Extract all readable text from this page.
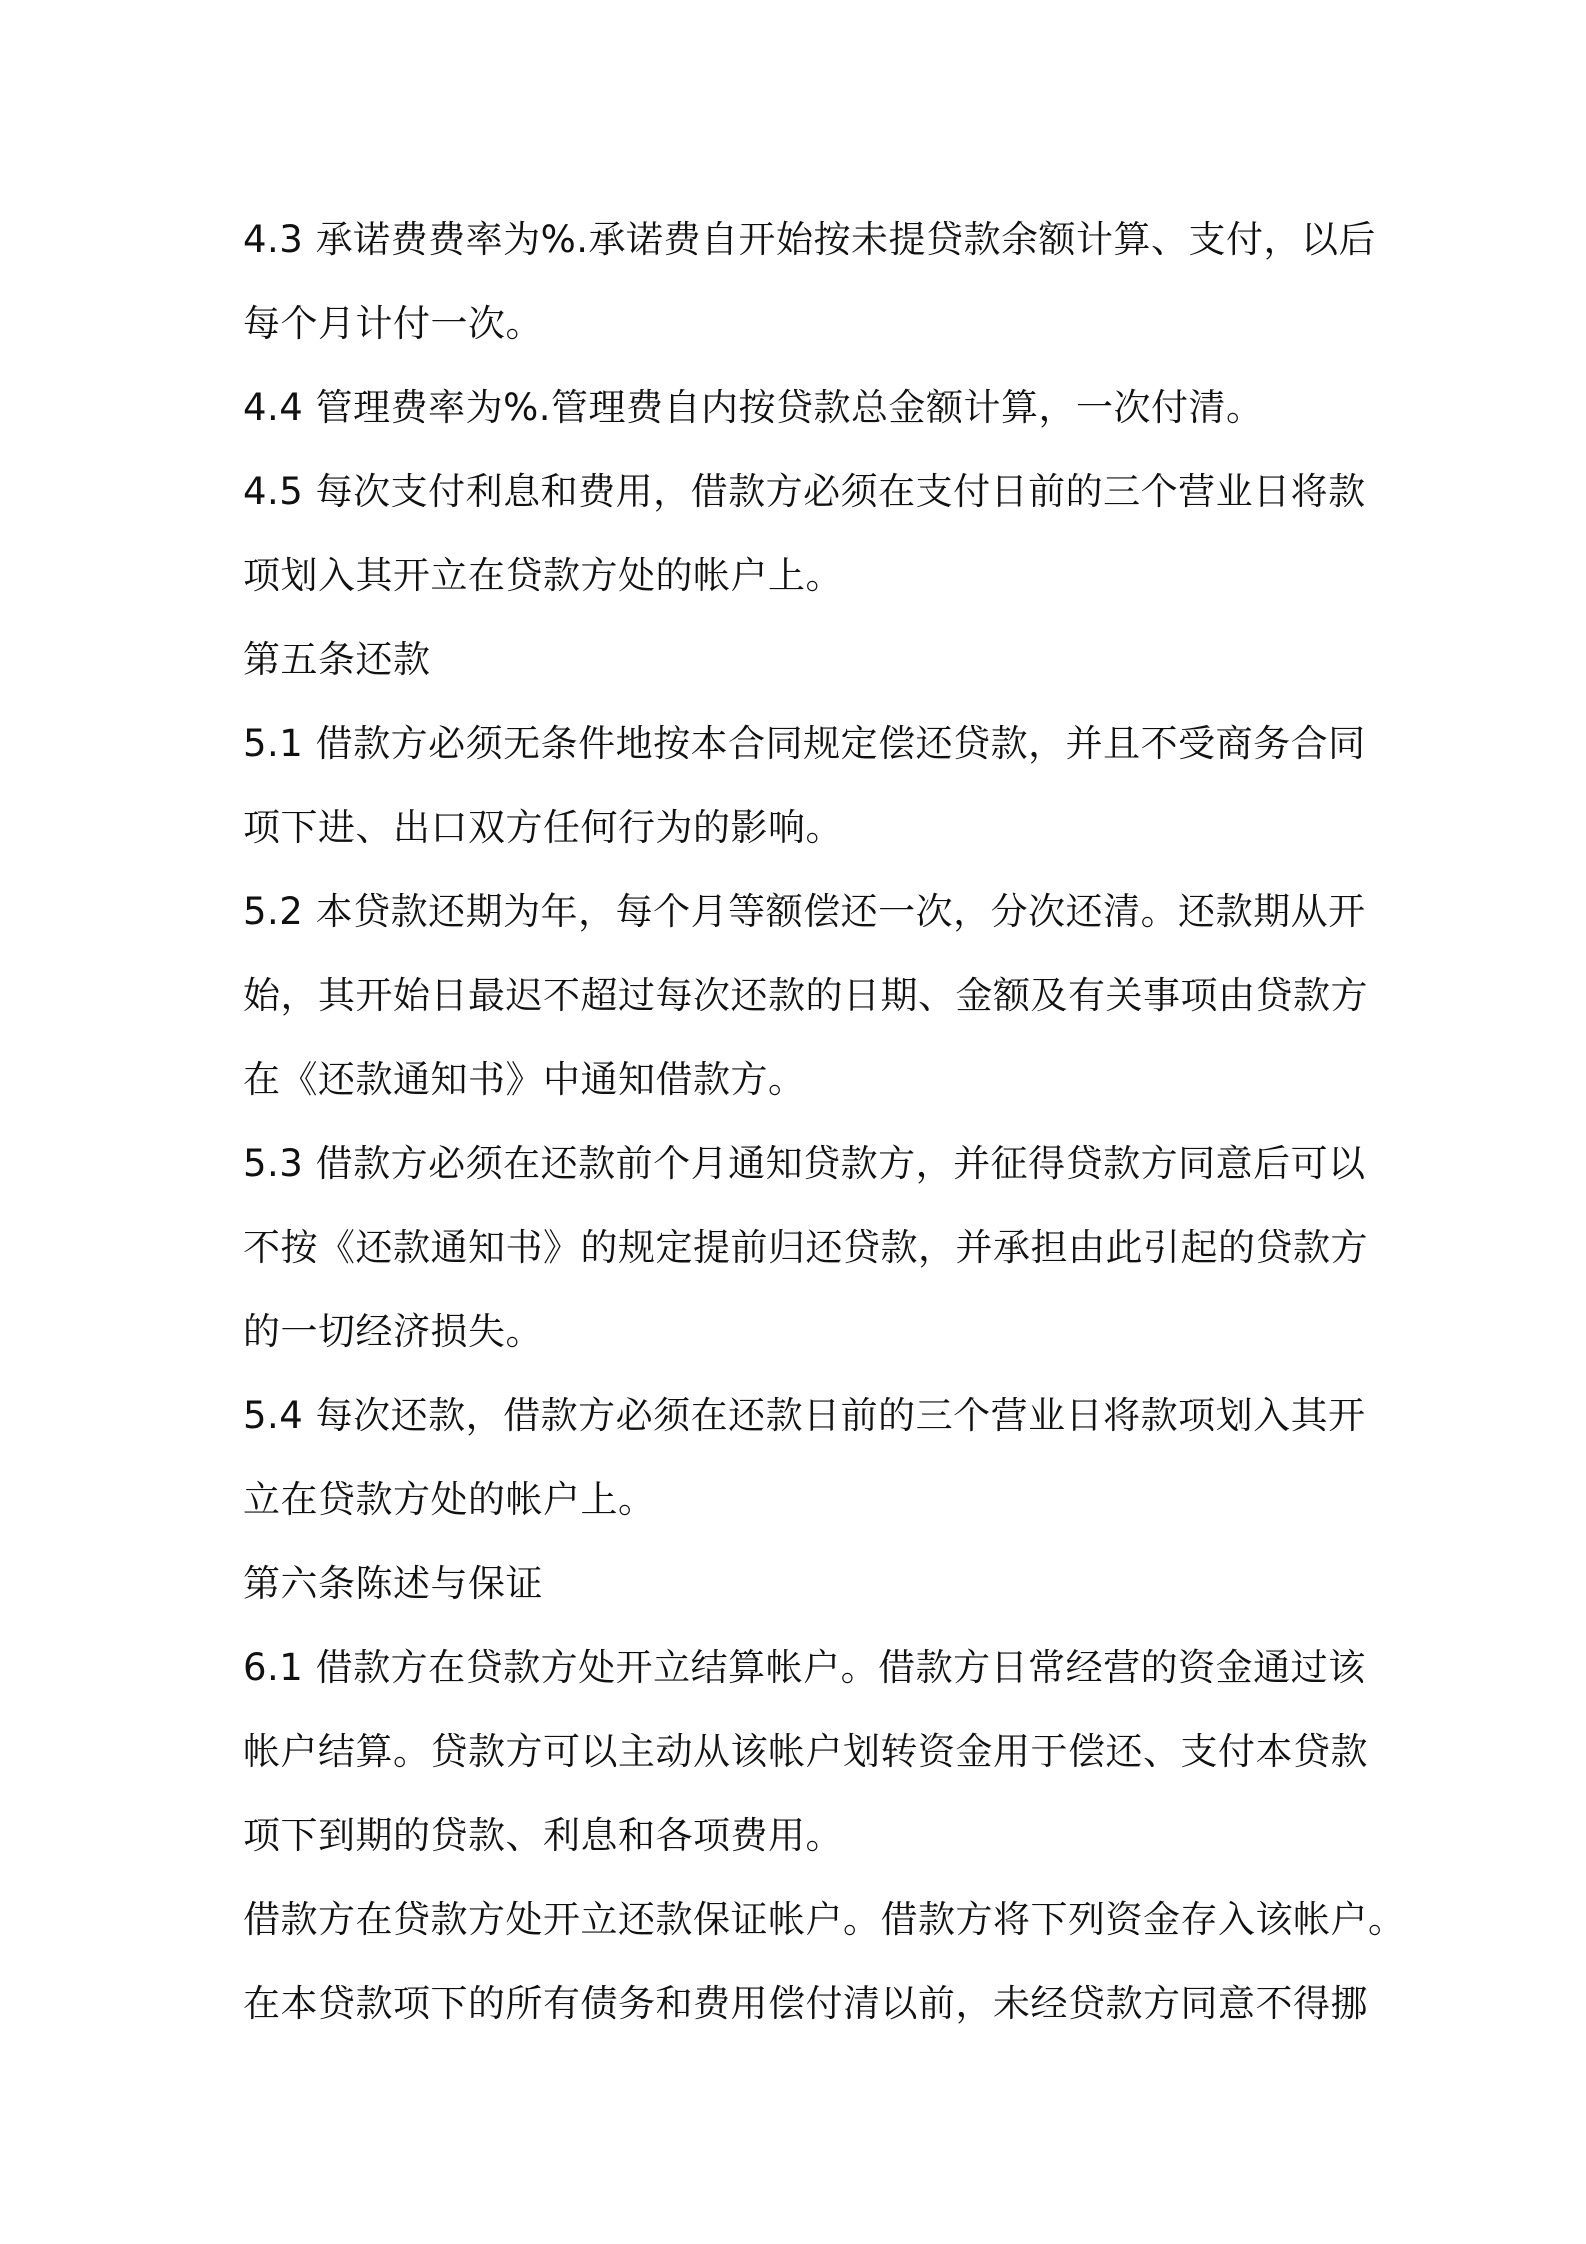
4.3 承诺费费率为%.承诺费自开始按未提贷款余额计算、支付，以后
每个月计付一次。
4.4 管理费率为%.管理费自内按贷款总金额计算，一次付清。
4.5 每次支付利息和费用，借款方必须在支付日前的三个营业日将款
项划入其开立在贷款方处的帐户上。
第五条还款
5.1 借款方必须无条件地按本合同规定偿还贷款，并且不受商务合同
项下进、出口双方任何行为的影响。
5.2 本贷款还期为年，每个月等额偿还一次，分次还清。还款期从开
始，其开始日最迟不超过每次还款的日期、金额及有关事项由贷款方
在《还款通知书》中通知借款方。
5.3 借款方必须在还款前个月通知贷款方，并征得贷款方同意后可以
不按《还款通知书》的规定提前归还贷款，并承担由此引起的贷款方
的一切经济损失。
5.4 每次还款，借款方必须在还款日前的三个营业日将款项划入其开
立在贷款方处的帐户上。
第六条陈述与保证
6.1 借款方在贷款方处开立结算帐户。借款方日常经营的资金通过该
帐户结算。贷款方可以主动从该帐户划转资金用于偿还、支付本贷款
项下到期的贷款、利息和各项费用。
借款方在贷款方处开立还款保证帐户。借款方将下列资金存入该帐户。
在本贷款项下的所有债务和费用偿付清以前，未经贷款方同意不得挪
